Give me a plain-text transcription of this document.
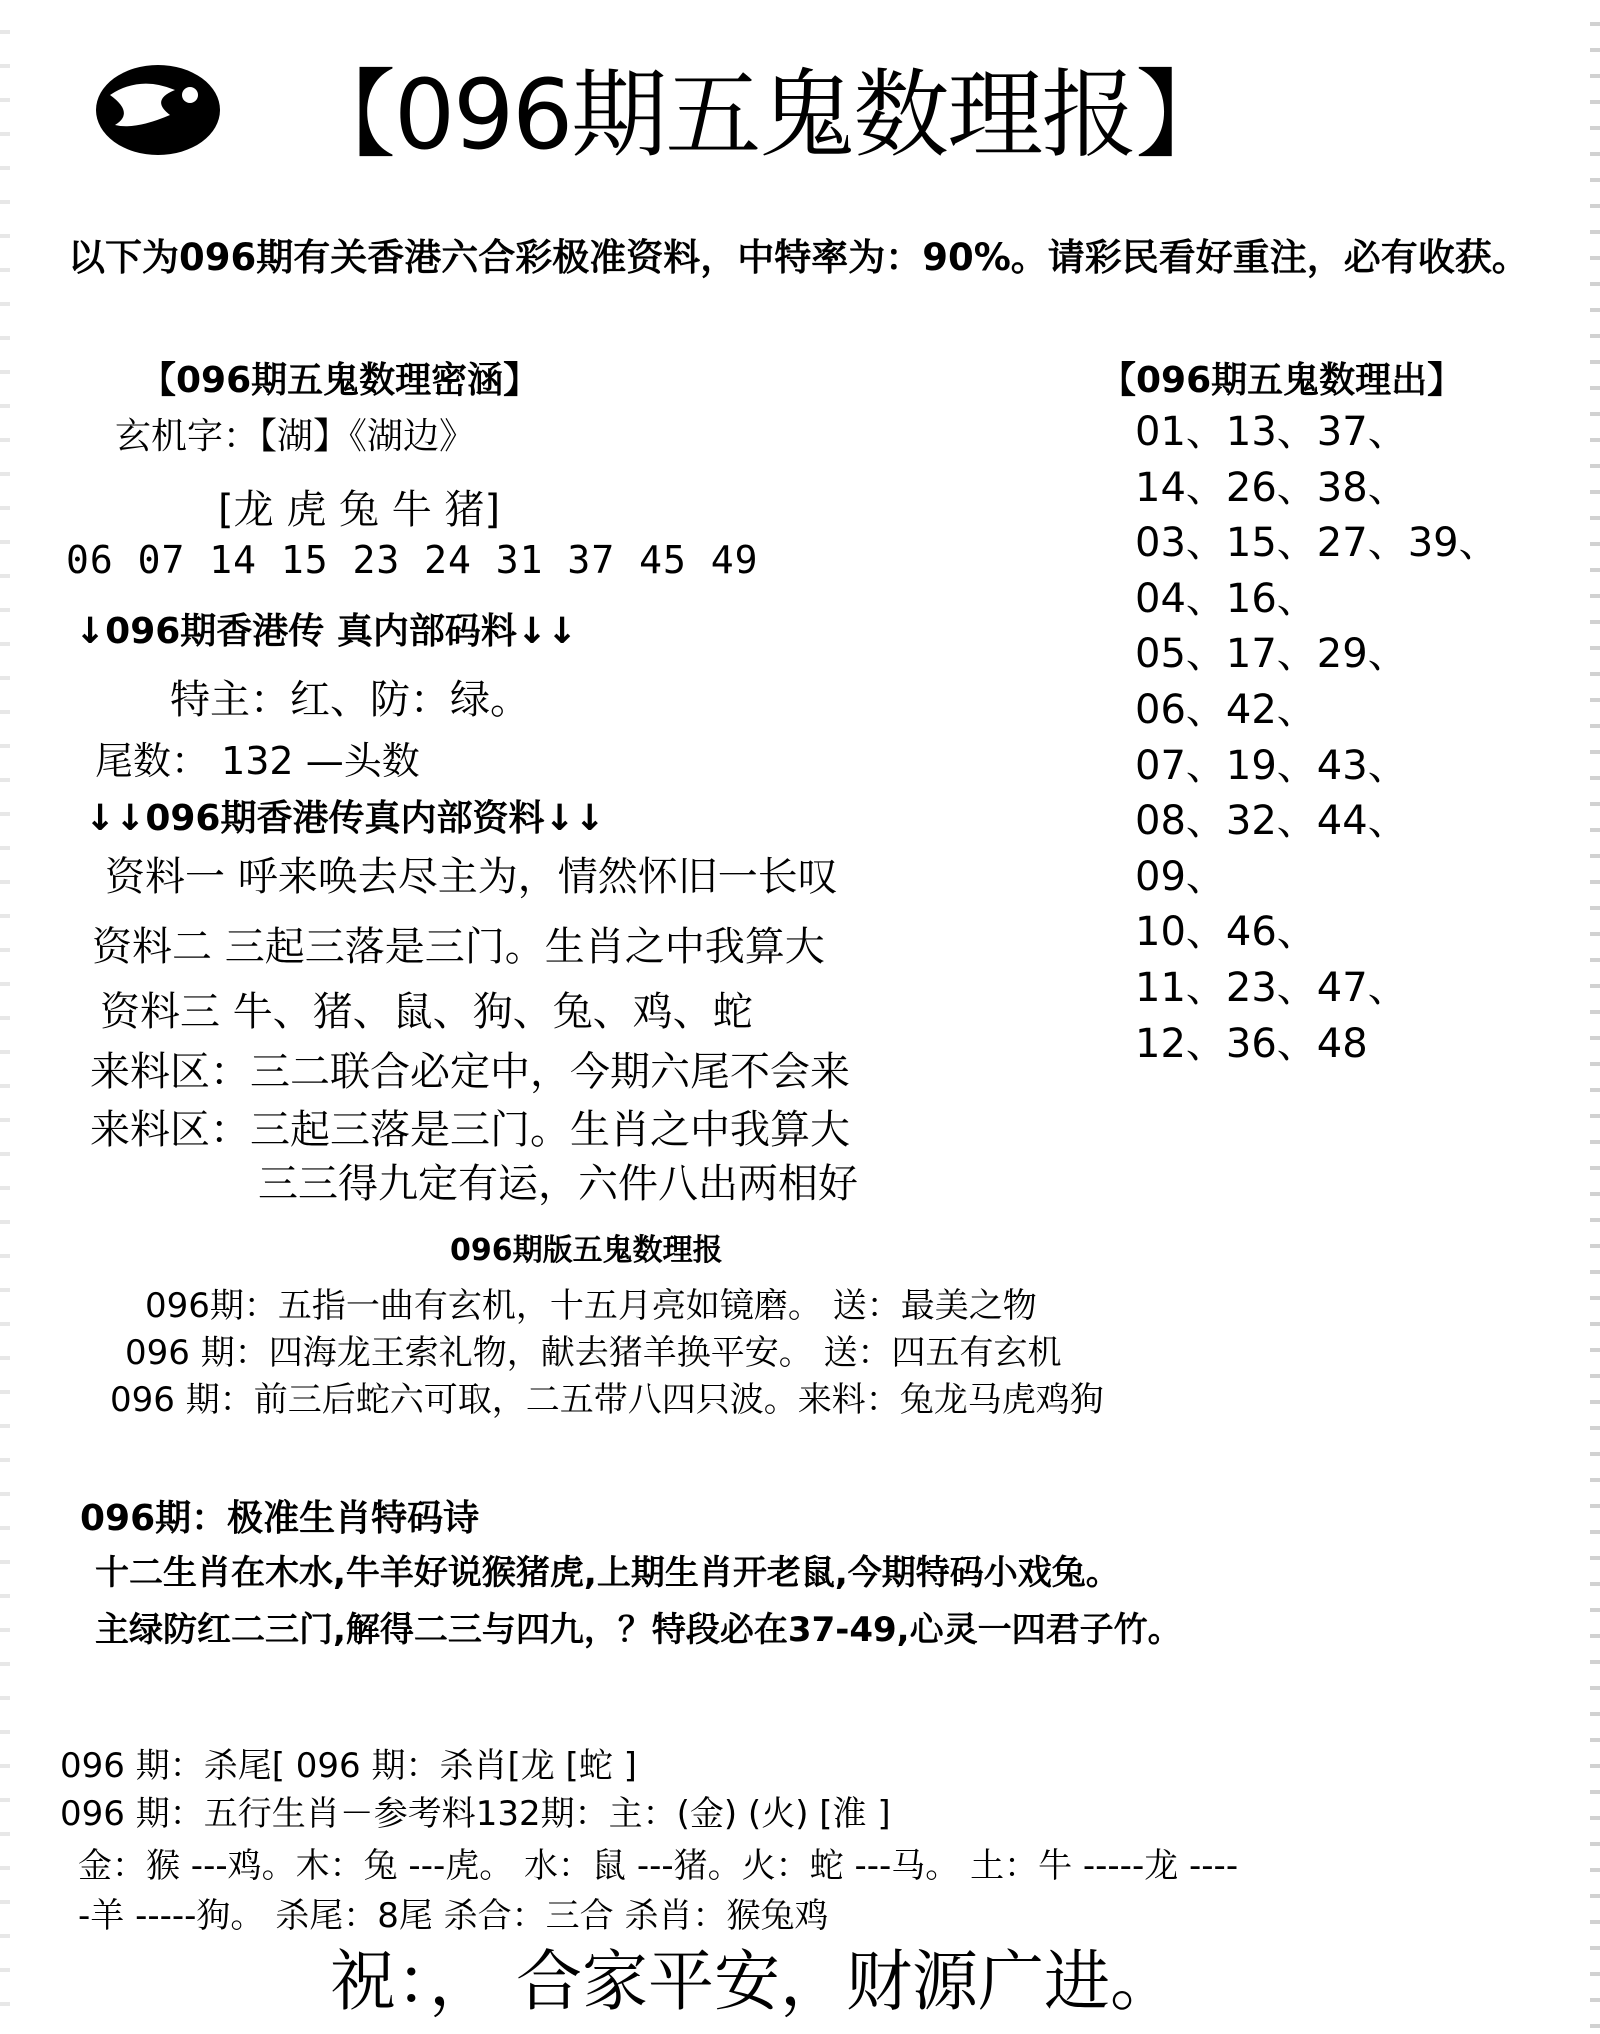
【096期五鬼数理报】
以下为096期有关香港六合彩极准资料，中特率为：90%。请彩民看好重注，必有收获。
【096期五鬼数理密涵】
玄机字：【湖】《湖边》
[龙 虎 兔 牛 猪]
06 07 14 15 23 24 31 37 45 49
↓096期香港传 真内部码料↓↓
特主：红、防：绿。
尾数： 132 —头数
↓↓096期香港传真内部资料↓↓
资料一 呼来唤去尽主为，情然怀旧一长叹
资料二 三起三落是三门。生肖之中我算大
资料三 牛、猪、鼠、狗、兔、鸡、蛇
来料区：三二联合必定中，今期六尾不会来
来料区：三起三落是三门。生肖之中我算大
三三得九定有运，六件八出两相好
【096期五鬼数理出】
01、13、37、
14、26、38、
03、15、27、39、
04、16、
05、17、29、
06、42、
07、19、43、
08、32、44、
09、
10、46、
11、23、47、
12、36、48
096期版五鬼数理报
096期：五指一曲有玄机，十五月亮如镜磨。 送：最美之物
096 期：四海龙王索礼物，献去猪羊换平安。 送：四五有玄机
096 期：前三后蛇六可取，二五带八四只波。来料：兔龙马虎鸡狗
096期：极准生肖特码诗
十二生肖在木水,牛羊好说猴猪虎,上期生肖开老鼠,今期特码小戏兔。
主绿防红二三门,解得二三与四九，？特段必在37-49,心灵一四君子竹。
096 期：杀尾[ 096 期：杀肖[龙 [蛇 ]
096 期：五行生肖－参考料132期：主：(金) (火) [淮 ]
金：猴 ---鸡。木：兔 ---虎。 水：鼠 ---猪。火：蛇 ---马。 土：牛 -----龙 ----
-羊 -----狗。 杀尾：8尾 杀合：三合 杀肖：猴兔鸡
祝：， 合家平安，财源广进。
